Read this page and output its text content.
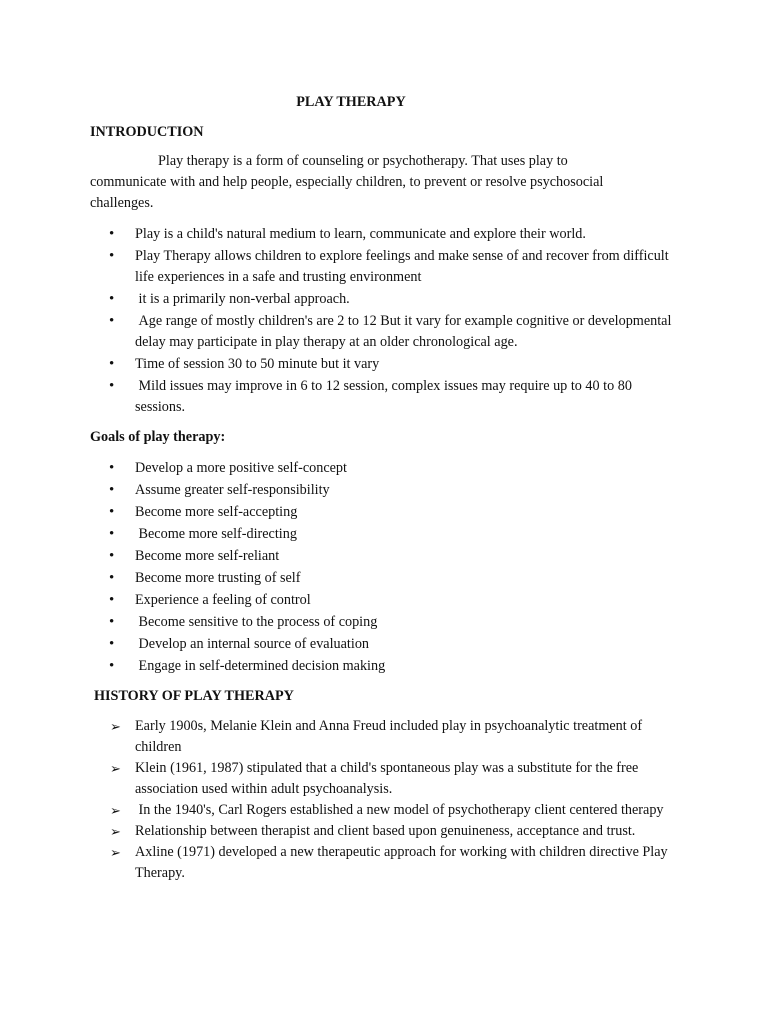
PLAY THERAPY
INTRODUCTION

Play therapy is a form of counseling or psychotherapy. That uses play to communicate with and help people, especially children, to prevent or resolve psychosocial challenges.

• Play is a child's natural medium to learn, communicate and explore their world.
• Play Therapy allows children to explore feelings and make sense of and recover from difficult life experiences in a safe and trusting environment
• it is a primarily non-verbal approach.
• Age range of mostly children's are 2 to 12 But it vary for example cognitive or developmental delay may participate in play therapy at an older chronological age.
• Time of session 30 to 50 minute but it vary
• Mild issues may improve in 6 to 12 session, complex issues may require up to 40 to 80 sessions.
Goals of play therapy:
• Develop a more positive self-concept
• Assume greater self-responsibility
• Become more self-accepting
• Become more self-directing
• Become more self-reliant
• Become more trusting of self
• Experience a feeling of control
• Become sensitive to the process of coping
• Develop an internal source of evaluation
• Engage in self-determined decision making
HISTORY OF PLAY THERAPY
➢ Early 1900s, Melanie Klein and Anna Freud included play in psychoanalytic treatment of children
➢ Klein (1961, 1987) stipulated that a child's spontaneous play was a substitute for the free association used within adult psychoanalysis.
➢ In the 1940's, Carl Rogers established a new model of psychotherapy client centered therapy
➢ Relationship between therapist and client based upon genuineness, acceptance and trust.
➢ Axline (1971) developed a new therapeutic approach for working with children directive Play Therapy.
